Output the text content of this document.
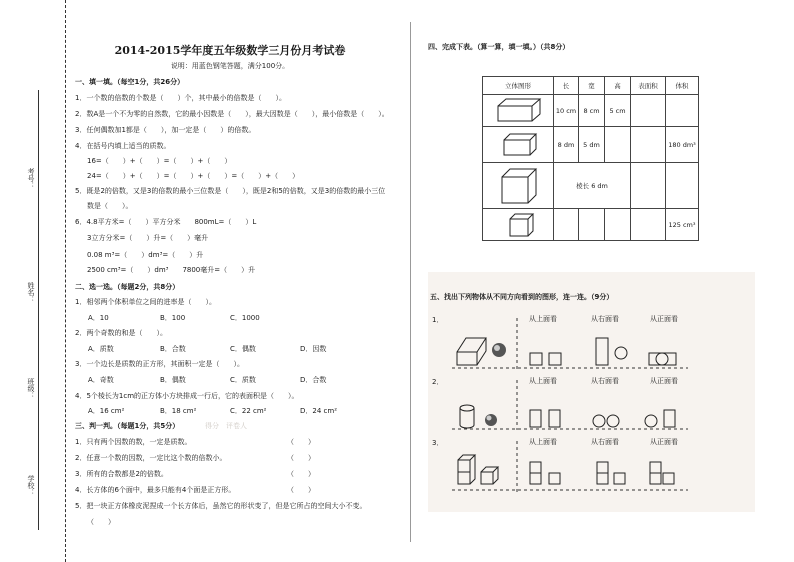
考号：
姓名：
班级：
学校：
2014-2015学年度五年级数学三月份月考试卷
说明：用蓝色钢笔答题，满分100分。
一、填一填。（每空1分，共26分）
1．一个数的倍数的个数是（　　）个，其中最小的倍数是（　　）。
2．数A是一个不为零的自然数，它的最小因数是（　　），最大因数是（　　），最小倍数是（　　）。
3．任何偶数加1都是（　　），加一定是（　　）的倍数。
4．在括号内填上适当的质数。
16=（　　）+（　　）=（　　）+（　　）
24=（　　）+（　　）=（　　）+（　　）=（　　）+（　　）
5．既是2的倍数，又是3的倍数的最小三位数是（　　），既是2和5的倍数，又是3的倍数的最小三位
数是（　　）。
6．4.8平方米=（　　）平方分米　　800mL=（　　）L
3立方分米=（　　）升=（　　）毫升
0.08 m³=（　　）dm³=（　　）升
2500 cm³=（　　）dm³　　7800毫升=（　　）升
二、选一选。（每题2分，共8分）
1．相邻两个体积单位之间的进率是（　　）。
A．10	B．100	C．1000
2．两个奇数的和是（　　）。
A．质数	B．合数	C．偶数	D．因数
3．一个边长是质数的正方形，其面积一定是（　　）。
A．奇数	B．偶数	C．质数	D．合数
4．5个棱长为1cm的正方体小方块排成一行后，它的表面积是（　　）。
A．16 cm²	B．18 cm²	C．22 cm²	D．24 cm²
三、判一判。（每题1分，共5分）	得分　评卷人
1．只有两个因数的数，一定是质数。	（　　）
2．任意一个数的因数，一定比这个数的倍数小。	（　　）
3．所有的合数都是2的倍数。	（　　）
4．长方体的6个面中，最多只能有4个面是正方形。	（　　）
5．把一块正方体橡皮泥捏成一个长方体后，虽然它的形状变了，但是它所占的空间大小不变。
（　　）
四、完成下表。（算一算，填一填。）（共8分）
立体图形	长	宽	高	表面积	体积
	10 cm	8 cm	5 cm		
	8 dm	5 dm			180 dm³
	棱长 6 dm				
					125 cm³
五、找出下列物体从不同方向看到的图形，连一连。（9分）
1．	从上面看	从右面看	从正面看
2．	从上面看	从右面看	从正面看
3．	从上面看	从右面看	从正面看
